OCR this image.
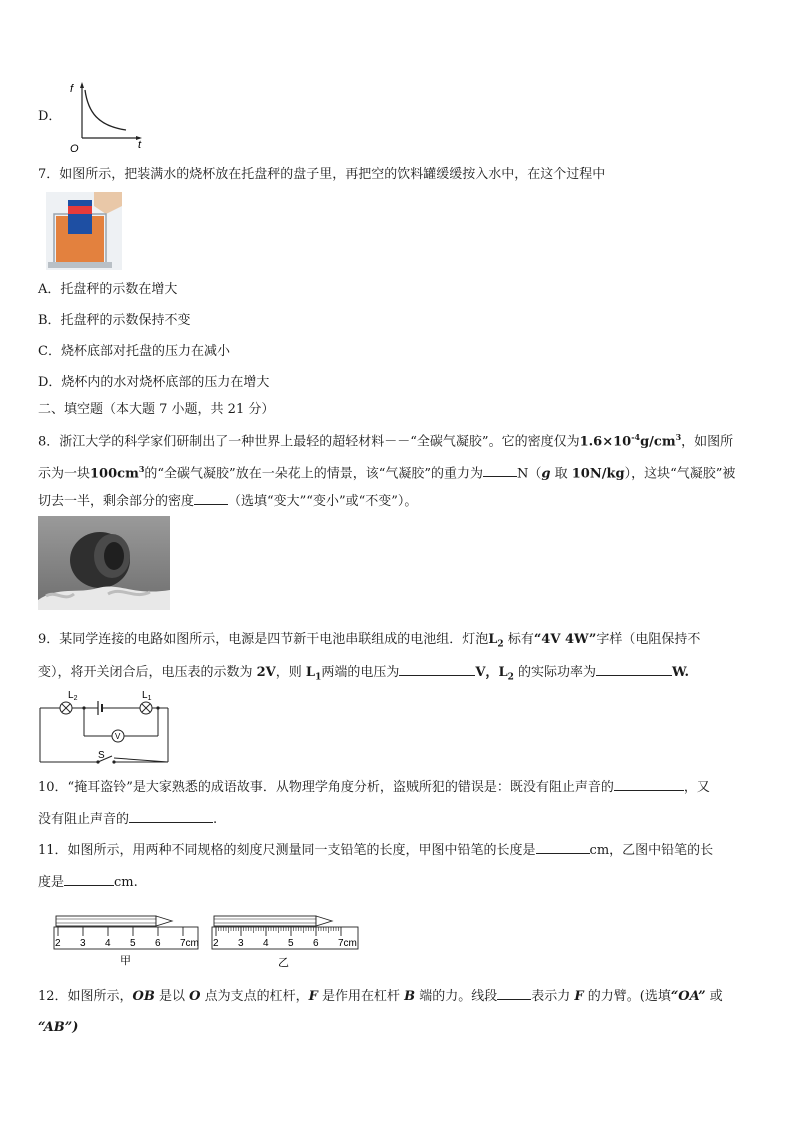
D．
f
t
O
7．如图所示，把装满水的烧杯放在托盘秤的盘子里，再把空的饮料罐缓缓按入水中，在这个过程中
A．托盘秤的示数在增大
B．托盘秤的示数保持不变
C．烧杯底部对托盘的压力在减小
D．烧杯内的水对烧杯底部的压力在增大
二、填空题（本大题 7 小题，共 21 分）
8．浙江大学的科学家们研制出了一种世界上最轻的超轻材料－－“全碳气凝胶”。它的密度仅为$1.6\times 10^{-4}g/cm^3$，如图所
示为一块$100cm^3$的“全碳气凝胶”放在一朵花上的情景，该“气凝胶”的重力为	N（g 取 10N/kg），这块“气凝胶”被
切去一半，剩余部分的密度	（选填“变大”“变小”或“不变”）。
9．某同学连接的电路如图所示，电源是四节新干电池串联组成的电池组．灯泡$L_2$ 标有“4V 4W”字样（电阻保持不
变），将开关闭合后，电压表的示数为 2V，则 $L_1$两端的电压为	V，$L_2$ 的实际功率为	W.
V
$L_2$	$L_1$
S
10．“掩耳盗铃”是大家熟悉的成语故事．从物理学角度分析，盗贼所犯的错误是：既没有阻止声音的	，又
没有阻止声音的	.
11．如图所示，用两种不同规格的刻度尺测量同一支铅笔的长度，甲图中铅笔的长度是	cm，乙图中铅笔的长
度是	cm.
2 3 4 5 6 7cm 2 3 4 5 6 7cm
甲	乙
12．如图所示，OB 是以 O 点为支点的杠杆，F 是作用在杠杆 B 端的力。线段	表示力 F 的力臂。(选填“OA” 或
“AB”)
